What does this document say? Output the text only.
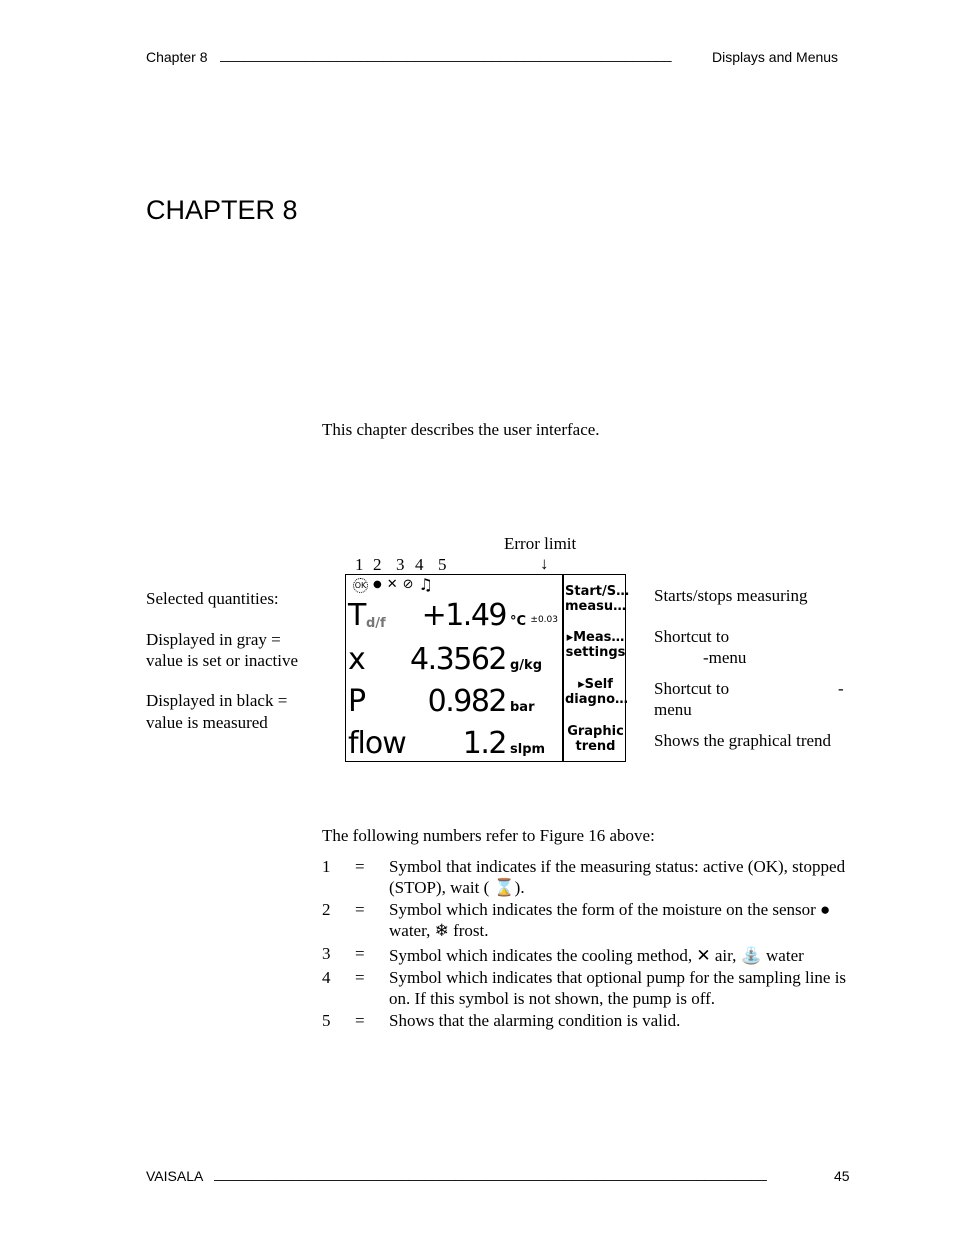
Chapter 8 __________________________________________________________	Displays and Menus
CHAPTER 8
This chapter describes the user interface.
Error limit
↓
1 2 3 4 5
Selected quantities:
Displayed in gray =
value is set or inactive
Displayed in black =
value is measured
Starts/stops measuring
Shortcut to
-menu
Shortcut to	-
menu
Shows the graphical trend
OK ● ✕ ⊘ ♫
T d/f +1.49 °C ±0.03
x 4.3562 g/kg
P 0.982 bar
flow 1.2 slpm
Start/S…
measu…
▸Meas…
settings
▸Self
diagno…
Graphic
trend
The following numbers refer to Figure 16 above:
1 = Symbol that indicates if the measuring status: active (OK), stopped (STOP), wait ( ⌛).
2 = Symbol which indicates the form of the moisture on the sensor ● water, ❄ frost.
3 = Symbol which indicates the cooling method, ✕ air, ⛲ water
4 = Symbol which indicates that optional pump for the sampling line is on. If this symbol is not shown, the pump is off.
5 = Shows that the alarming condition is valid.
VAISALA _______________________________________________________________________	45
